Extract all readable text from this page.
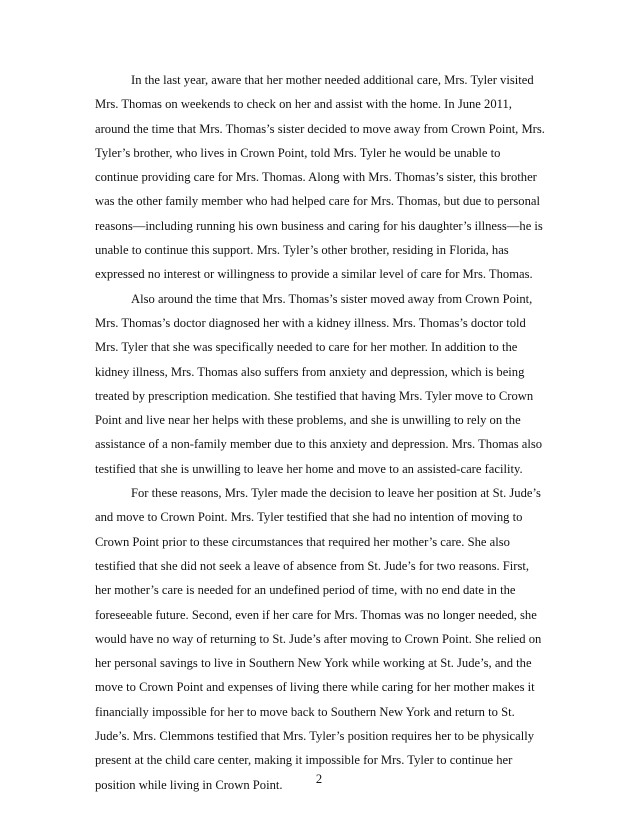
In the last year, aware that her mother needed additional care, Mrs. Tyler visited
Mrs. Thomas on weekends to check on her and assist with the home. In June 2011,
around the time that Mrs. Thomas’s sister decided to move away from Crown Point, Mrs.
Tyler’s brother, who lives in Crown Point, told Mrs. Tyler he would be unable to
continue providing care for Mrs. Thomas. Along with Mrs. Thomas’s sister, this brother
was the other family member who had helped care for Mrs. Thomas, but due to personal
reasons—including running his own business and caring for his daughter’s illness—he is
unable to continue this support. Mrs. Tyler’s other brother, residing in Florida, has
expressed no interest or willingness to provide a similar level of care for Mrs. Thomas.
Also around the time that Mrs. Thomas’s sister moved away from Crown Point,
Mrs. Thomas’s doctor diagnosed her with a kidney illness. Mrs. Thomas’s doctor told
Mrs. Tyler that she was specifically needed to care for her mother. In addition to the
kidney illness, Mrs. Thomas also suffers from anxiety and depression, which is being
treated by prescription medication. She testified that having Mrs. Tyler move to Crown
Point and live near her helps with these problems, and she is unwilling to rely on the
assistance of a non-family member due to this anxiety and depression. Mrs. Thomas also
testified that she is unwilling to leave her home and move to an assisted-care facility.
For these reasons, Mrs. Tyler made the decision to leave her position at St. Jude’s
and move to Crown Point. Mrs. Tyler testified that she had no intention of moving to
Crown Point prior to these circumstances that required her mother’s care. She also
testified that she did not seek a leave of absence from St. Jude’s for two reasons. First,
her mother’s care is needed for an undefined period of time, with no end date in the
foreseeable future. Second, even if her care for Mrs. Thomas was no longer needed, she
would have no way of returning to St. Jude’s after moving to Crown Point. She relied on
her personal savings to live in Southern New York while working at St. Jude’s, and the
move to Crown Point and expenses of living there while caring for her mother makes it
financially impossible for her to move back to Southern New York and return to St.
Jude’s. Mrs. Clemmons testified that Mrs. Tyler’s position requires her to be physically
present at the child care center, making it impossible for Mrs. Tyler to continue her
position while living in Crown Point.	2
